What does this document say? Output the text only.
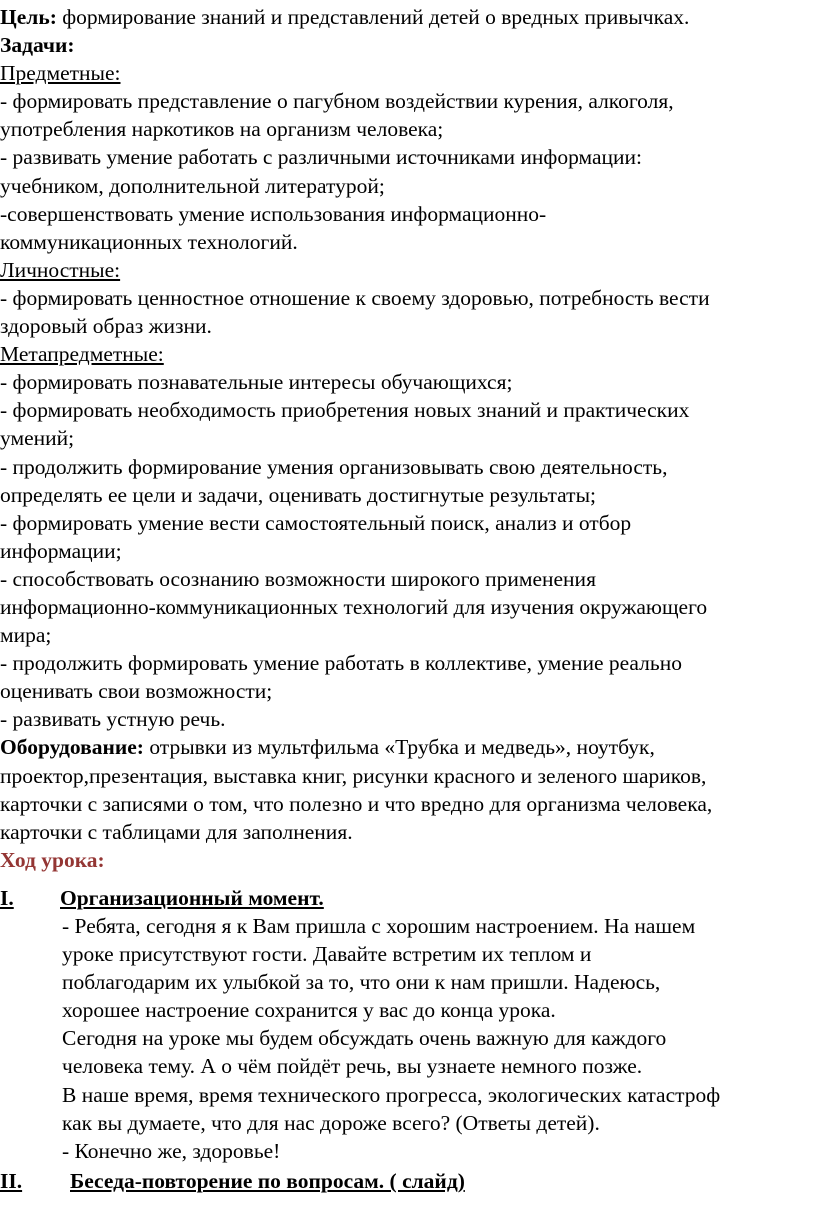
Цель: формирование знаний и представлений детей о вредных привычках.
Задачи:
Предметные:
- формировать представление о пагубном воздействии курения, алкоголя,
употребления наркотиков на организм человека;
- развивать умение работать с различными источниками информации:
учебником, дополнительной литературой;
-совершенствовать умение использования информационно-
коммуникационных технологий.
Личностные:
- формировать ценностное отношение к своему здоровью, потребность вести
здоровый образ жизни.
Метапредметные:
- формировать познавательные интересы обучающихся;
- формировать необходимость приобретения новых знаний и практических
умений;
- продолжить формирование умения организовывать свою деятельность,
определять ее цели и задачи, оценивать достигнутые результаты;
- формировать умение вести самостоятельный поиск, анализ и отбор
информации;
- способствовать осознанию возможности широкого применения
информационно-коммуникационных технологий для изучения окружающего
мира;
- продолжить формировать умение работать в коллективе, умение реально
оценивать свои возможности;
- развивать устную речь.
Оборудование: отрывки из мультфильма «Трубка и медведь», ноутбук,
проектор,презентация, выставка книг, рисунки красного и зеленого шариков,
карточки с записями о том, что полезно и что вредно для организма человека,
карточки с таблицами для заполнения.
Ход урока:
I.	Организационный момент.
- Ребята, сегодня я к Вам пришла с хорошим настроением. На нашем
уроке присутствуют гости. Давайте встретим их теплом и
поблагодарим их улыбкой за то, что они к нам пришли. Надеюсь,
хорошее настроение сохранится у вас до конца урока.
Сегодня на уроке мы будем обсуждать очень важную для каждого
человека тему. А о чём пойдёт речь, вы узнаете немного позже.
В наше время, время технического прогресса, экологических катастроф
как вы думаете, что для нас дороже всего? (Ответы детей).
- Конечно же, здоровье!
II.	Беседа-повторение по вопросам. ( слайд)
